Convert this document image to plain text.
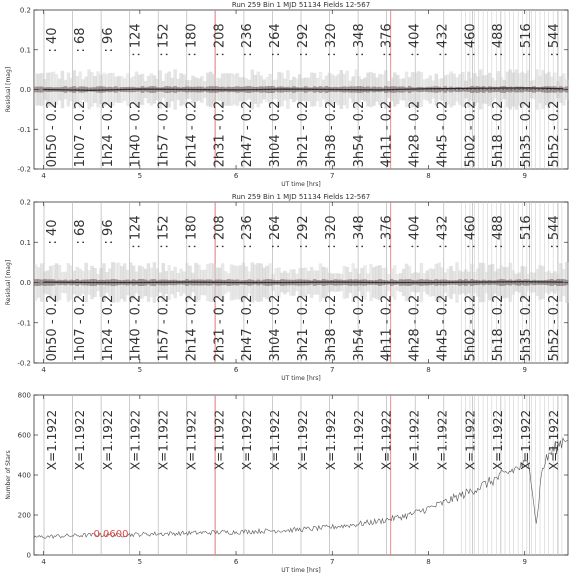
: 40 : 68 : 96 : 124 : 152 : 180 : 208 : 236 : 264 : 292 : 320 : 348 : 376 : 404 : 432 : 460 : 488 : 516 : 544
0h50 - 0.2 1h07 - 0.2 1h24 - 0.2 1h40 - 0.2 1h57 - 0.2 2h14 - 0.2 2h31 - 0.2 2h47 - 0.2 3h04 - 0.2 3h21 - 0.2 3h38 - 0.2 3h54 - 0.2 4h11 - 0.2 4h28 - 0.2 4h45 - 0.2 5h02 - 0.2 5h18 - 0.2 5h35 - 0.2 5h52 - 0.2
Run 259 Bin 1 MJD 51134 Fields 12-567
4	5	6	7	8	9
-0.2
-0.1
0.0
0.1
0.2
UT time [hrs]
Residual [mag]
: 40 : 68 : 96 : 124 : 152 : 180 : 208 : 236 : 264 : 292 : 320 : 348 : 376 : 404 : 432 : 460 : 488 : 516 : 544
0h50 - 0.2 1h07 - 0.2 1h24 - 0.2 1h40 - 0.2 1h57 - 0.2 2h14 - 0.2 2h31 - 0.2 2h47 - 0.2 3h04 - 0.2 3h21 - 0.2 3h38 - 0.2 3h54 - 0.2 4h11 - 0.2 4h28 - 0.2 4h45 - 0.2 5h02 - 0.2 5h18 - 0.2 5h35 - 0.2 5h52 - 0.2
Run 259 Bin 1 MJD 51134 Fields 12-567
4	5	6	7	8	9
-0.2
-0.1
0.0
0.1
0.2
UT time [hrs]
Residual [mag]
X=1.1922 X=1.1922 X=1.1922 X=1.1922 X=1.1922 X=1.1922 X=1.1922 X=1.1922 X=1.1922 X=1.1922 X=1.1922 X=1.1922 X=1.1922 X=1.1922 X=1.1922 X=1.1922 X=1.1922 X=1.1922 X=1.1922
0.0600
4	5	6	7	8	9
0
200
400
600
800
UT time [hrs]
Number of Stars
